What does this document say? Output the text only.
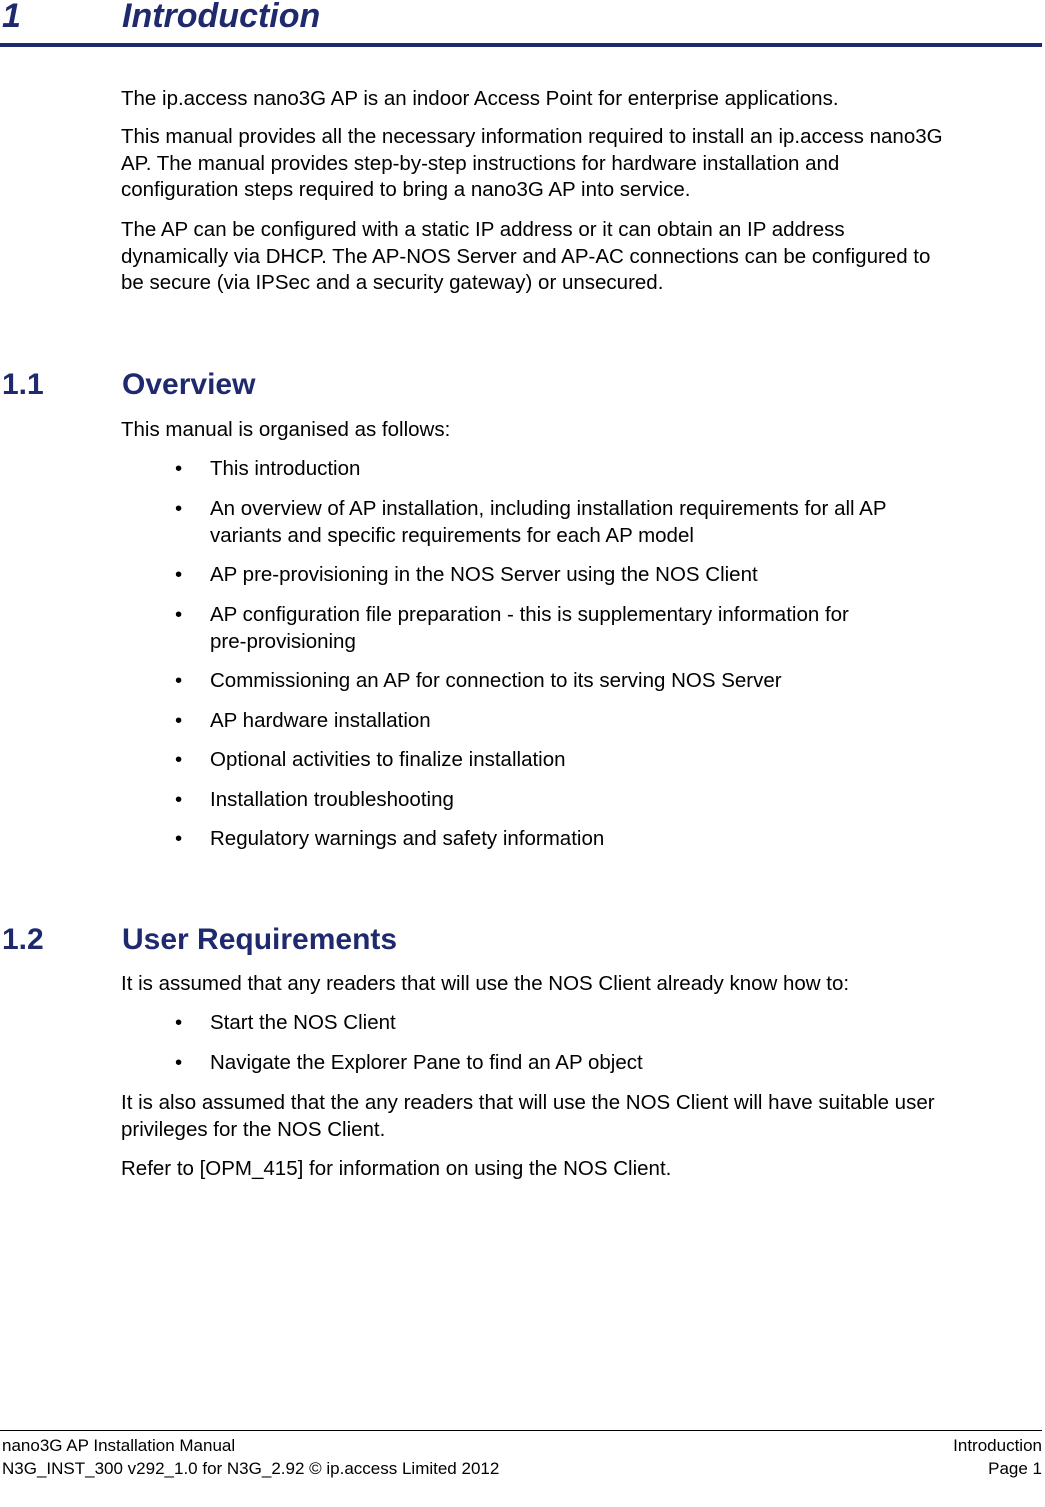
1	Introduction

The ip.access nano3G AP is an indoor Access Point for enterprise applications.

This manual provides all the necessary information required to install an ip.access nano3G
AP. The manual provides step-by-step instructions for hardware installation and
configuration steps required to bring a nano3G AP into service.

The AP can be configured with a static IP address or it can obtain an IP address
dynamically via DHCP. The AP-NOS Server and AP-AC connections can be configured to
be secure (via IPSec and a security gateway) or unsecured.

1.1	Overview

This manual is organised as follows:

•	This introduction
•	An overview of AP installation, including installation requirements for all AP
variants and specific requirements for each AP model
•	AP pre-provisioning in the NOS Server using the NOS Client
•	AP configuration file preparation - this is supplementary information for
pre-provisioning
•	Commissioning an AP for connection to its serving NOS Server
•	AP hardware installation
•	Optional activities to finalize installation
•	Installation troubleshooting
•	Regulatory warnings and safety information
1.2	User Requirements

It is assumed that any readers that will use the NOS Client already know how to:

•	Start the NOS Client
•	Navigate the Explorer Pane to find an AP object

It is also assumed that the any readers that will use the NOS Client will have suitable user
privileges for the NOS Client.

Refer to [OPM_415] for information on using the NOS Client.

nano3G AP Installation Manual
N3G_INST_300 v292_1.0 for N3G_2.92 © ip.access Limited 2012
Introduction
Page 1
